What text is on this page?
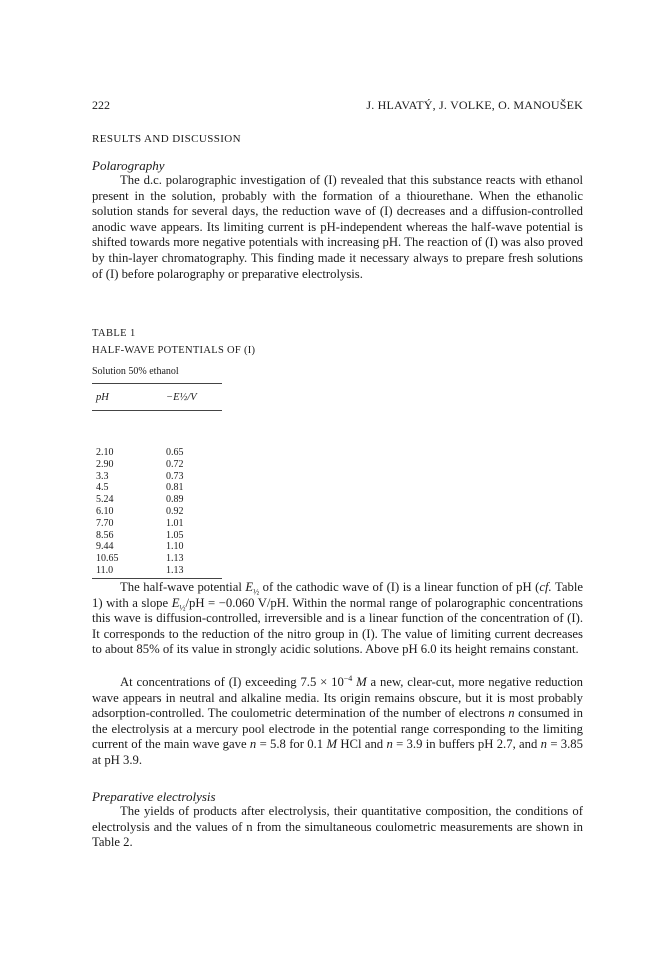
222	J. HLAVATÝ, J. VOLKE, O. MANOUŠEK
RESULTS AND DISCUSSION
Polarography

The d.c. polarographic investigation of (I) revealed that this substance reacts with ethanol present in the solution, probably with the formation of a thiourethane. When the ethanolic solution stands for several days, the reduction wave of (I) decreases and a diffusion-controlled anodic wave appears. Its limiting current is pH-independent whereas the half-wave potential is shifted towards more negative potentials with increasing pH. The reaction of (I) was also proved by thin-layer chromatography. This finding made it necessary always to prepare fresh solutions of (I) before polarography or preparative electrolysis.

TABLE 1
HALF-WAVE POTENTIALS OF (I)
Solution 50% ethanol
pH	−E½/V
2.10	0.65
2.90	0.72
3.3	0.73
4.5	0.81
5.24	0.89
6.10	0.92
7.70	1.01
8.56	1.05
9.44	1.10
10.65	1.13
11.0	1.13

The half-wave potential $E_{\frac{1}{2}}$ of the cathodic wave of (I) is a linear function of pH (cf. Table 1) with a slope $E_{\frac{1}{2}}/pH = -0.060$ V/pH. Within the normal range of polarographic concentrations this wave is diffusion-controlled, irreversible and is a linear function of the concentration of (I). It corresponds to the reduction of the nitro group in (I). The value of limiting current decreases to about 85% of its value in strongly acidic solutions. Above pH 6.0 its height remains constant.

At concentrations of (I) exceeding $7.5 \times 10^{-4}$ M a new, clear-cut, more negative reduction wave appears in neutral and alkaline media. Its origin remains obscure, but it is most probably adsorption-controlled. The coulometric determination of the number of electrons n consumed in the electrolysis at a mercury pool electrode in the potential range corresponding to the limiting current of the main wave gave n = 5.8 for 0.1 M HCl and n = 3.9 in buffers pH 2.7, and n = 3.85 at pH 3.9.

Preparative electrolysis

The yields of products after electrolysis, their quantitative composition, the conditions of electrolysis and the values of n from the simultaneous coulometric measurements are shown in Table 2.
